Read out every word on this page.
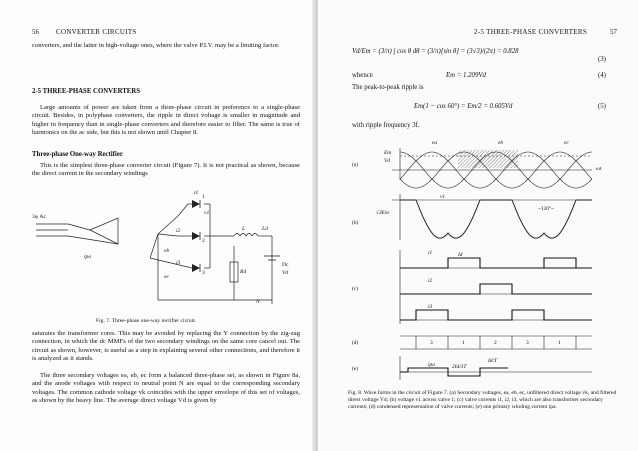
56 CONVERTER CIRCUITS
converters, and the latter in high-voltage ones, where the valve P.I.V. may be a limiting factor.
2-5 THREE-PHASE CONVERTERS
Large amounts of power are taken from a three-phase circuit in preference to a single-phase circuit. Besides, in polyphase converters, the ripple in direct voltage is smaller in magnitude and higher in frequency than in single-phase converters and therefore easier to filter. The same is true of harmonics on the ac side, but this is not shown until Chapter 8.
Three-phase One-way Rectifier
This is the simplest three-phase converter circuit (Figure 7). It is not practical as shown, because the direct current in the secondary windings
3φ Ac
i1
i2
i3
v1
L	Ld
Rd
Dc
Vd
N
ipo
1
2
3
eb
ec
Fig. 7. Three-phase one-way rectifier circuit.
saturates the transformer cores. This may be avoided by replacing the Y connection by the zig-zag connection, in which the dc MMFs of the two secondary windings on the same core cancel out. The circuit as shown, however, is useful as a step in explaining several other connections, and therefore it is analyzed as it stands.
The three secondary voltages ea, eb, ec form a balanced three-phase set, as shown in Figure 8a, and the anode voltages with respect to neutral point N are equal to the corresponding secondary voltages. The common cathode voltage vk coincides with the upper envelope of this set of voltages, as shown by the heavy line. The average direct voltage Vd is given by
2-5 THREE-PHASE CONVERTERS	57
Vd/Em = (3/π) ∫ cos θ dθ = (3/π)[sin θ] = (3√3)/(2π) = 0.828
(3)
whence	Em = 1.209Vd	(4)
The peak-to-peak ripple is
Em(1 − cos 60°) = Em/2 = 0.605Vd	(5)
with ripple frequency 3f.
(a)
(b)
(c)
(d)
(e)
Em
Vd
ea	eb	ec
ωt
√3Em
v1
~120°~
i1
i2
i3
Id
ipa
Id/T
2Id/3T
3	1	2	3	1
Fig. 8. Wave forms in the circuit of Figure 7. (a) Secondary voltages, ea, eb, ec, unfiltered direct voltage vk, and filtered direct voltage Vd; (b) voltage v1 across valve 1; (c) valve currents i1, i2, i3, which are also transformer secondary currents; (d) condensed representation of valve currents; (e) one primary winding current ipa.
